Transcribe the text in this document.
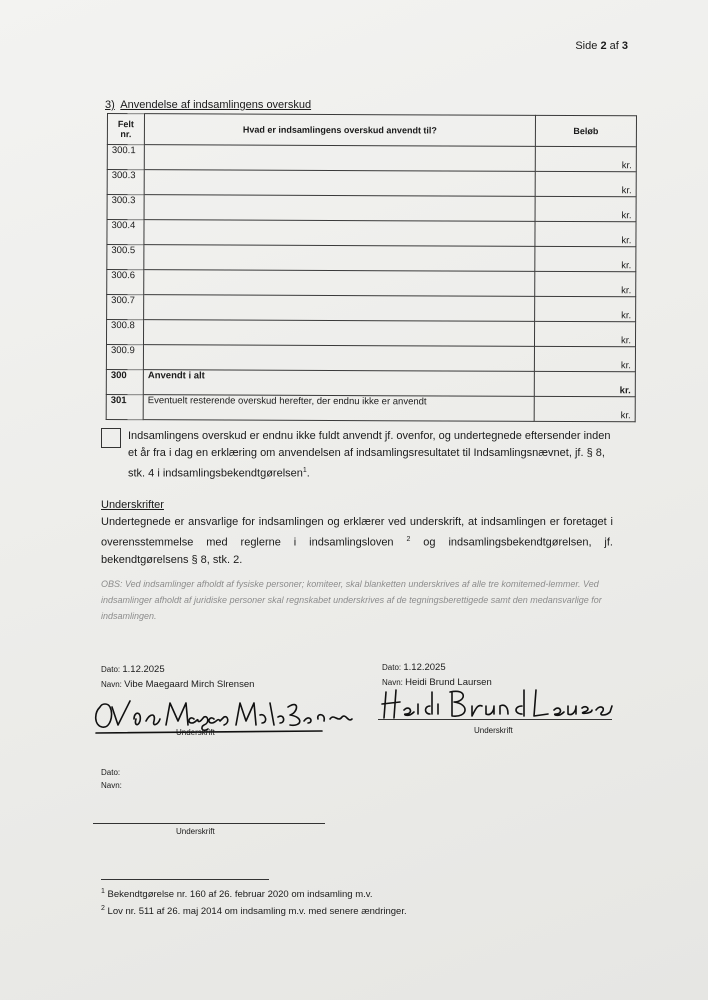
Side 2 af 3
3) Anvendelse af indsamlingens overskud
Felt
nr.	Hvad er indsamlingens overskud anvendt til?	Beløb
300.1		kr.
300.3		kr.
300.3		kr.
300.4		kr.
300.5		kr.
300.6		kr.
300.7		kr.
300.8		kr.
300.9		kr.
300	Anvendt i alt	kr.
301	Eventuelt resterende overskud herefter, der endnu ikke er anvendt	kr.
Indsamlingens overskud er endnu ikke fuldt anvendt jf. ovenfor, og undertegnede eftersender inden et år fra i dag en erklæring om anvendelsen af indsamlingsresultatet til Indsamlingsnævnet, jf. § 8, stk. 4 i indsamlingsbekendtgørelsen$^1$.
Underskrifter
Undertegnede er ansvarlige for indsamlingen og erklærer ved underskrift, at indsamlingen er foretaget i overensstemmelse med reglerne i indsamlingsloven $^2$ og indsamlingsbekendtgørelsen, jf. bekendtgørelsens § 8, stk. 2.
OBS: Ved indsamlinger afholdt af fysiske personer; komiteer, skal blanketten underskrives af alle tre komitemed-lemmer. Ved indsamlinger afholdt af juridiske personer skal regnskabet underskrives af de tegningsberettigede samt den medansvarlige for indsamlingen.
Dato: 1.12.2025
Navn: Vibe Maegaard Mirch Slrensen
Underskrift
Dato: 1.12.2025
Navn: Heidi Brund Laursen
Underskrift
Dato:
Navn:
Underskrift
$^1$ Bekendtgørelse nr. 160 af 26. februar 2020 om indsamling m.v.
$^2$ Lov nr. 511 af 26. maj 2014 om indsamling m.v. med senere ændringer.
